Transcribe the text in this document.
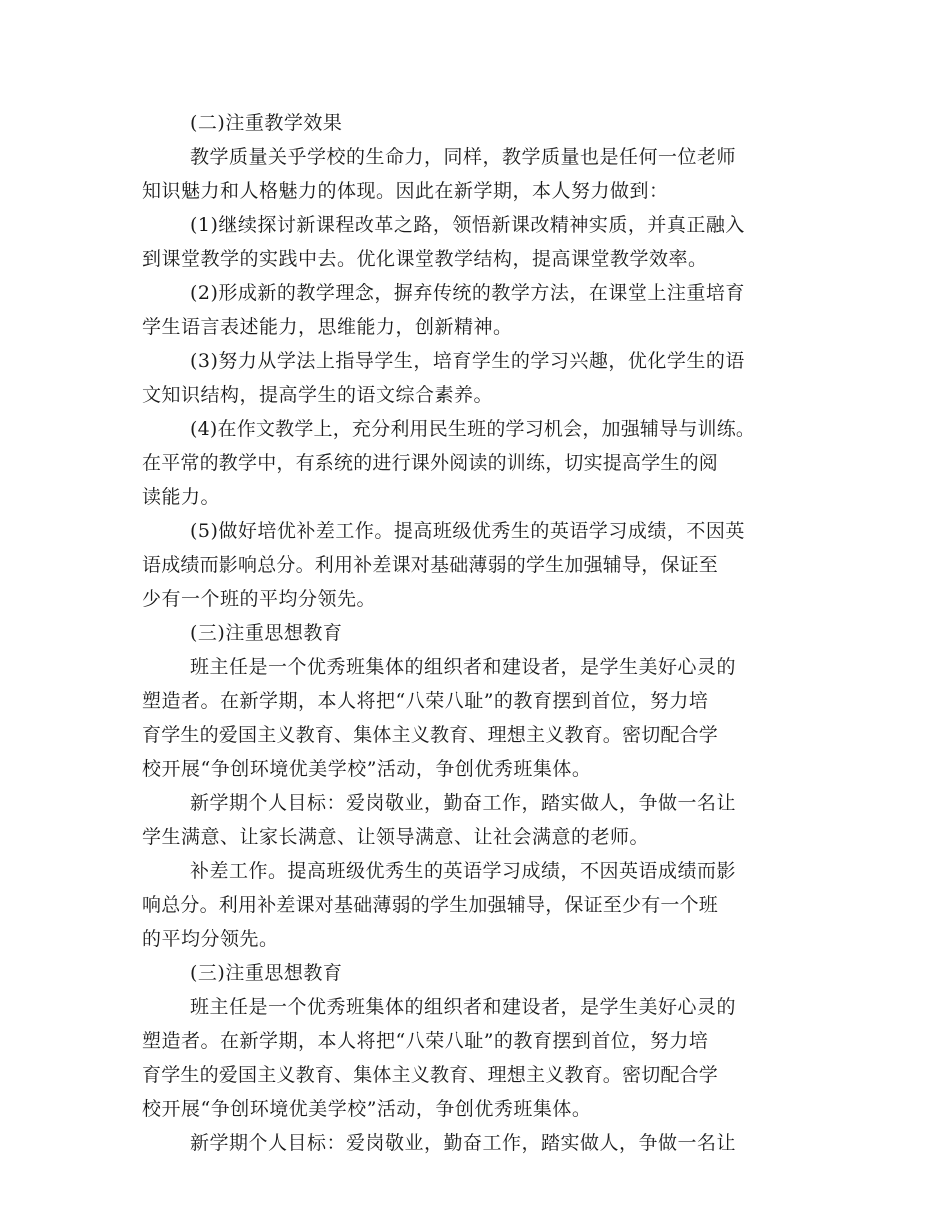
(二)注重教学效果
教学质量关乎学校的生命力，同样，教学质量也是任何一位老师
知识魅力和人格魅力的体现。因此在新学期，本人努力做到：
(1)继续探讨新课程改革之路，领悟新课改精神实质，并真正融入
到课堂教学的实践中去。优化课堂教学结构，提高课堂教学效率。
(2)形成新的教学理念，摒弃传统的教学方法，在课堂上注重培育
学生语言表述能力，思维能力，创新精神。
(3)努力从学法上指导学生，培育学生的学习兴趣，优化学生的语
文知识结构，提高学生的语文综合素养。
(4)在作文教学上，充分利用民生班的学习机会，加强辅导与训练。
在平常的教学中，有系统的进行课外阅读的训练，切实提高学生的阅
读能力。
(5)做好培优补差工作。提高班级优秀生的英语学习成绩，不因英
语成绩而影响总分。利用补差课对基础薄弱的学生加强辅导，保证至
少有一个班的平均分领先。
(三)注重思想教育
班主任是一个优秀班集体的组织者和建设者，是学生美好心灵的
塑造者。在新学期，本人将把“八荣八耻”的教育摆到首位，努力培
育学生的爱国主义教育、集体主义教育、理想主义教育。密切配合学
校开展“争创环境优美学校”活动，争创优秀班集体。
新学期个人目标：爱岗敬业，勤奋工作，踏实做人，争做一名让
学生满意、让家长满意、让领导满意、让社会满意的老师。
补差工作。提高班级优秀生的英语学习成绩，不因英语成绩而影
响总分。利用补差课对基础薄弱的学生加强辅导，保证至少有一个班
的平均分领先。
(三)注重思想教育
班主任是一个优秀班集体的组织者和建设者，是学生美好心灵的
塑造者。在新学期，本人将把“八荣八耻”的教育摆到首位，努力培
育学生的爱国主义教育、集体主义教育、理想主义教育。密切配合学
校开展“争创环境优美学校”活动，争创优秀班集体。
新学期个人目标：爱岗敬业，勤奋工作，踏实做人，争做一名让
